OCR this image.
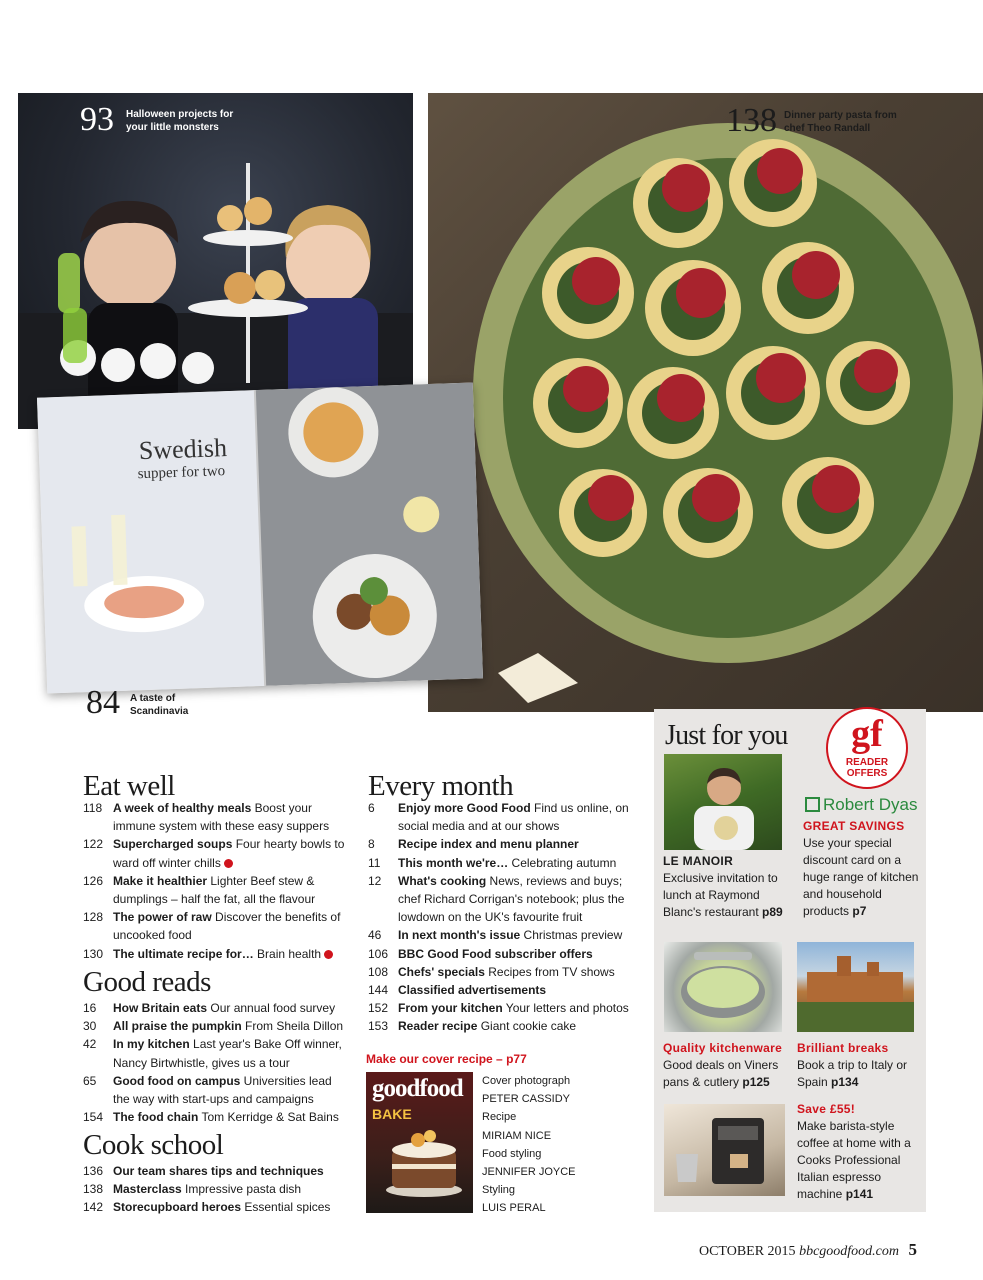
93 Halloween projects for
your little monsters	138 Dinner party pasta from
chef Theo Randall
Swedish
supper for two
84 A taste of
Scandinavia
Eat well
118 A week of healthy meals Boost your immune system with these easy suppers
122 Supercharged soups Four hearty bowls to ward off winter chills
126 Make it healthier Lighter Beef stew & dumplings – half the fat, all the flavour
128 The power of raw Discover the benefits of uncooked food
130 The ultimate recipe for… Brain health
Good reads
16 How Britain eats Our annual food survey
30 All praise the pumpkin From Sheila Dillon
42 In my kitchen Last year's Bake Off winner, Nancy Birtwhistle, gives us a tour
65 Good food on campus Universities lead the way with start-ups and campaigns
154 The food chain Tom Kerridge & Sat Bains
Cook school
136 Our team shares tips and techniques
138 Masterclass Impressive pasta dish
142 Storecupboard heroes Essential spices
Every month
6 Enjoy more Good Food Find us online, on social media and at our shows
8 Recipe index and menu planner
11 This month we're… Celebrating autumn
12 What's cooking News, reviews and buys; chef Richard Corrigan's notebook; plus the lowdown on the UK's favourite fruit
46 In next month's issue Christmas preview
106 BBC Good Food subscriber offers
108 Chefs' specials Recipes from TV shows
144 Classified advertisements
152 From your kitchen Your letters and photos
153 Reader recipe Giant cookie cake
Make our cover recipe – p77
goodfood
BAKE
Cover photograph
PETER CASSIDY
Recipe
MIRIAM NICE
Food styling
JENNIFER JOYCE
Styling
LUIS PERAL
Just for you	gf
READER
OFFERS
LE MANOIR
Exclusive invitation to lunch at Raymond Blanc's restaurant p89
Robert Dyas
GREAT SAVINGS
Use your special discount card on a huge range of kitchen and household products p7
Quality kitchenware
Good deals on Viners pans & cutlery p125
Brilliant breaks
Book a trip to Italy or Spain p134
Save £55!
Make barista-style coffee at home with a Cooks Professional Italian espresso machine p141
OCTOBER 2015 bbcgoodfood.com 5
